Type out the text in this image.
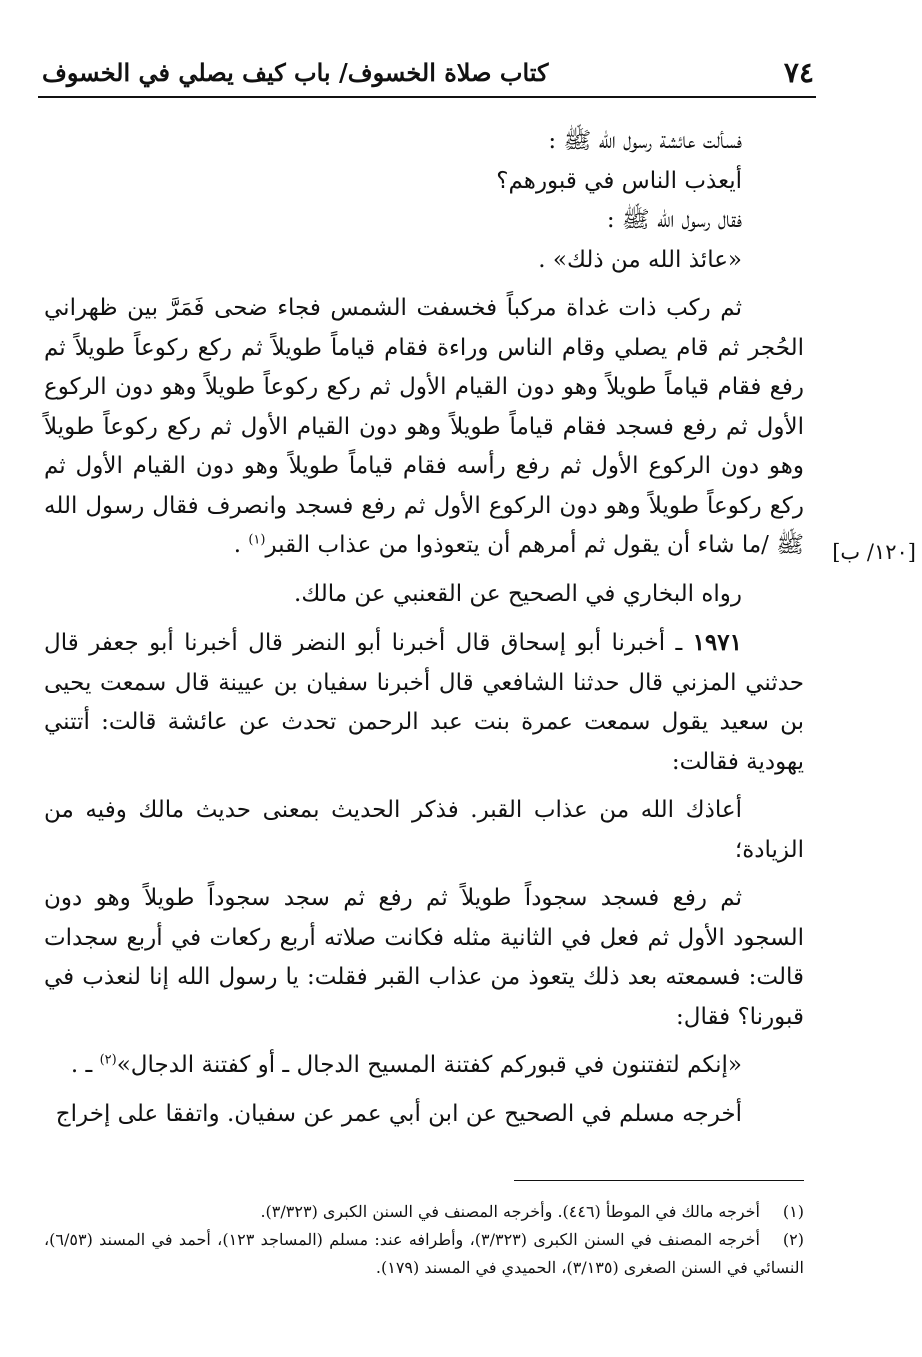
٧٤
كتاب صلاة الخسوف/ باب كيف يصلي في الخسوف
[١٢٠/ ب]
فسألت عائشة رسول الله ﷺ :
أيعذب الناس في قبورهم؟
فقال رسول الله ﷺ :
«عائذ الله من ذلك» .

ثم ركب ذات غداة مركباً فخسفت الشمس فجاء ضحى فَمَرَّ بين ظهراني الحُجر ثم قام يصلي وقام الناس وراءة فقام قياماً طويلاً ثم ركع ركوعاً طويلاً ثم رفع فقام قياماً طويلاً وهو دون القيام الأول ثم ركع ركوعاً طويلاً وهو دون الركوع الأول ثم رفع فسجد فقام قياماً طويلاً وهو دون القيام الأول ثم ركع ركوعاً طويلاً وهو دون الركوع الأول ثم رفع رأسه فقام قياماً طويلاً وهو دون القيام الأول ثم ركع ركوعاً طويلاً وهو دون الركوع الأول ثم رفع فسجد وانصرف فقال رسول الله ﷺ /ما شاء أن يقول ثم أمرهم أن يتعوذوا من عذاب القبر$^{(١)}$ .

رواه البخاري في الصحيح عن القعنبي عن مالك.

١٩٧١ ـ أخبرنا أبو إسحاق قال أخبرنا أبو النضر قال أخبرنا أبو جعفر قال حدثني المزني قال حدثنا الشافعي قال أخبرنا سفيان بن عيينة قال سمعت يحيى بن سعيد يقول سمعت عمرة بنت عبد الرحمن تحدث عن عائشة قالت: أتتني يهودية فقالت:

أعاذك الله من عذاب القبر. فذكر الحديث بمعنى حديث مالك وفيه من الزيادة؛

ثم رفع فسجد سجوداً طويلاً ثم رفع ثم سجد سجوداً طويلاً وهو دون السجود الأول ثم فعل في الثانية مثله فكانت صلاته أربع ركعات في أربع سجدات قالت: فسمعته بعد ذلك يتعوذ من عذاب القبر فقلت: يا رسول الله إنا لنعذب في قبورنا؟ فقال:

«إنكم لتفتنون في قبوركم كفتنة المسيح الدجال ـ أو كفتنة الدجال»$^{(٢)}$ ـ .

أخرجه مسلم في الصحيح عن ابن أبي عمر عن سفيان. واتفقا على إخراج

(١)أخرجه مالك في الموطأ (٤٤٦). وأخرجه المصنف في السنن الكبرى (٣/٣٢٣).

(٢)أخرجه المصنف في السنن الكبرى (٣/٣٢٣)، وأطرافه عند: مسلم (المساجد ١٢٣)، أحمد في المسند (٦/٥٣)، النسائي في السنن الصغرى (٣/١٣٥)، الحميدي في المسند (١٧٩).
